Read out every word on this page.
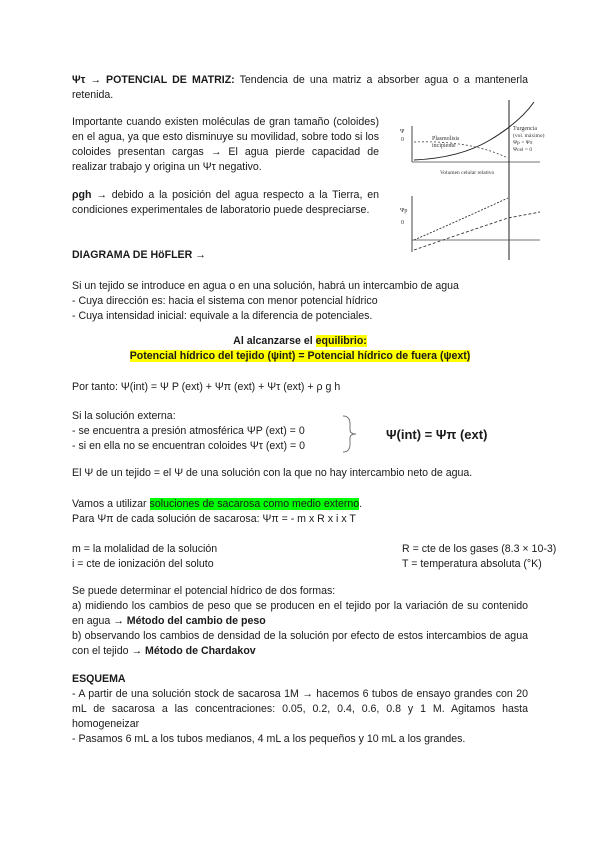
Ψτ → POTENCIAL DE MATRIZ: Tendencia de una matriz a absorber agua o a mantenerla retenida.
Importante cuando existen moléculas de gran tamaño (coloides) en el agua, ya que esto disminuye su movilidad, sobre todo si los coloides presentan cargas → El agua pierde capacidad de realizar trabajo y origina un Ψτ negativo.
ρgh → debido a la posición del agua respecto a la Tierra, en condiciones experimentales de laboratorio puede despreciarse.
Ψ
0	Plasmolisis
incipiente
Volumen celular relativo
Turgencia
(vol. máximo)
Ψp = Ψπ
Ψcel = 0
Ψp
0
DIAGRAMA DE HöFLER →
Si un tejido se introduce en agua o en una solución, habrá un intercambio de agua
- Cuya dirección es: hacia el sistema con menor potencial hídrico
- Cuya intensidad inicial: equivale a la diferencia de potenciales.
Al alcanzarse el equilibrio:
Potencial hídrico del tejido (ψint) = Potencial hídrico de fuera (ψext)
Por tanto: Ψ(int) = Ψ P (ext) + Ψπ (ext) + Ψτ (ext) + ρ g h
Si la solución externa:
- se encuentra a presión atmosférica ΨP (ext) = 0
- si en ella no se encuentran coloides Ψτ (ext) = 0
Ψ(int) = Ψπ (ext)
El Ψ de un tejido = el Ψ de una solución con la que no hay intercambio neto de agua.
Vamos a utilizar soluciones de sacarosa como medio externo.
Para Ψπ de cada solución de sacarosa: Ψπ = - m x R x i x T
m = la molalidad de la solución
i = cte de ionización del soluto
R = cte de los gases (8.3 × 10-3)
T = temperatura absoluta (°K)
Se puede determinar el potencial hídrico de dos formas:
a) midiendo los cambios de peso que se producen en el tejido por la variación de su contenido en agua → Método del cambio de peso
b) observando los cambios de densidad de la solución por efecto de estos intercambios de agua con el tejido → Método de Chardakov
ESQUEMA
- A partir de una solución stock de sacarosa 1M → hacemos 6 tubos de ensayo grandes con 20 mL de sacarosa a las concentraciones: 0.05, 0.2, 0.4, 0.6, 0.8 y 1 M. Agitamos hasta homogeneizar
- Pasamos 6 mL a los tubos medianos, 4 mL a los pequeños y 10 mL a los grandes.
